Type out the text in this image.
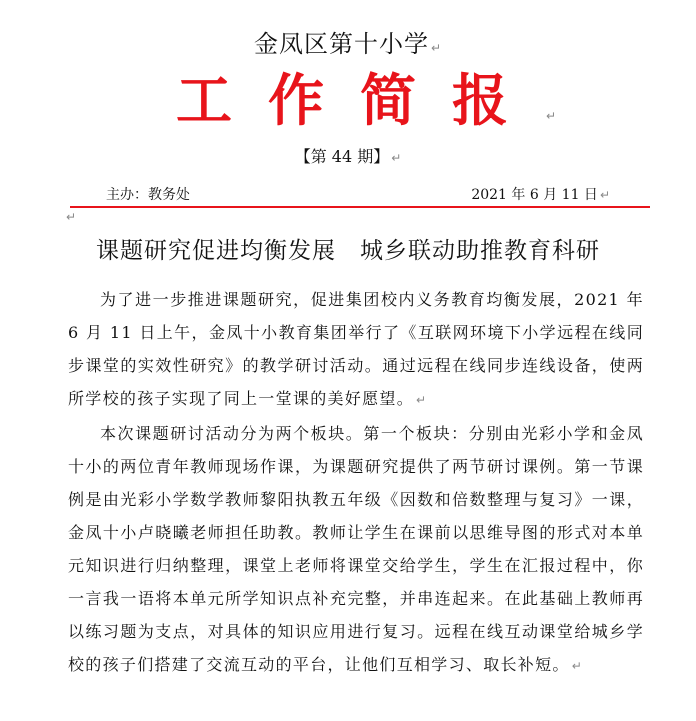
金凤区第十小学 ↵
工作简报 ↵
【第 44 期】 ↵
主办：教务处	2021 年 6 月 11 日 ↵
↵
课题研究促进均衡发展　城乡联动助推教育科研

为了进一步推进课题研究，促进集团校内义务教育均衡发展，2021 年 6 月 11 日上午，金凤十小教育集团举行了《互联网环境下小学远程在线同步课堂的实效性研究》的教学研讨活动。通过远程在线同步连线设备，使两所学校的孩子实现了同上一堂课的美好愿望。 ↵

本次课题研讨活动分为两个板块。第一个板块：分别由光彩小学和金凤十小的两位青年教师现场作课，为课题研究提供了两节研讨课例。第一节课例是由光彩小学数学教师黎阳执教五年级《因数和倍数整理与复习》一课，金凤十小卢晓曦老师担任助教。教师让学生在课前以思维导图的形式对本单元知识进行归纳整理，课堂上老师将课堂交给学生，学生在汇报过程中，你一言我一语将本单元所学知识点补充完整，并串连起来。在此基础上教师再以练习题为支点，对具体的知识应用进行复习。远程在线互动课堂给城乡学校的孩子们搭建了交流互动的平台，让他们互相学习、取长补短。 ↵
